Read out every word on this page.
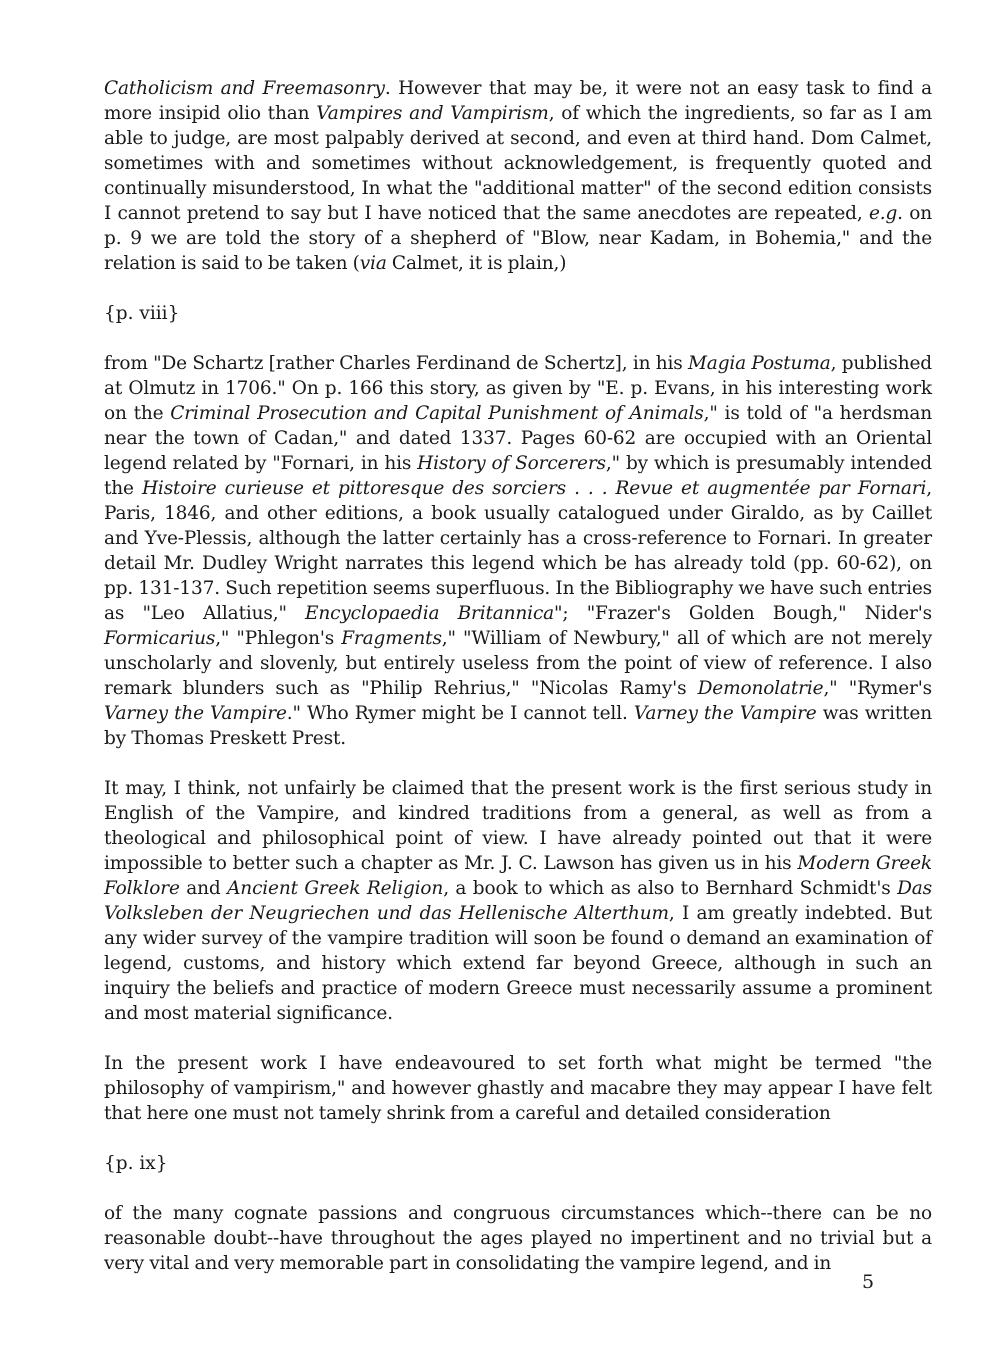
Catholicism and Freemasonry. However that may be, it were not an easy task to find a more insipid olio than Vampires and Vampirism, of which the ingredients, so far as I am able to judge, are most palpably derived at second, and even at third hand. Dom Calmet, sometimes with and sometimes without acknowledgement, is frequently quoted and continually misunderstood, In what the "additional matter" of the second edition consists I cannot pretend to say but I have noticed that the same anecdotes are repeated, e.g. on p. 9 we are told the story of a shepherd of "Blow, near Kadam, in Bohemia," and the relation is said to be taken (via Calmet, it is plain,)

{p. viii}

from "De Schartz [rather Charles Ferdinand de Schertz], in his Magia Postuma, published at Olmutz in 1706." On p. 166 this story, as given by "E. p. Evans, in his interesting work on the Criminal Prosecution and Capital Punishment of Animals," is told of "a herdsman near the town of Cadan," and dated 1337. Pages 60-62 are occupied with an Oriental legend related by "Fornari, in his History of Sorcerers," by which is presumably intended the Histoire curieuse et pittoresque des sorciers . . . Revue et augmentée par Fornari, Paris, 1846, and other editions, a book usually catalogued under Giraldo, as by Caillet and Yve-Plessis, although the latter certainly has a cross-reference to Fornari. In greater detail Mr. Dudley Wright narrates this legend which be has already told (pp. 60-62), on pp. 131-137. Such repetition seems superfluous. In the Bibliography we have such entries as "Leo Allatius," Encyclopaedia Britannica"; "Frazer's Golden Bough," Nider's Formicarius," "Phlegon's Fragments," "William of Newbury," all of which are not merely unscholarly and slovenly, but entirely useless from the point of view of reference. I also remark blunders such as "Philip Rehrius," "Nicolas Ramy's Demonolatrie," "Rymer's Varney the Vampire." Who Rymer might be I cannot tell. Varney the Vampire was written by Thomas Preskett Prest.

It may, I think, not unfairly be claimed that the present work is the first serious study in English of the Vampire, and kindred traditions from a general, as well as from a theological and philosophical point of view. I have already pointed out that it were impossible to better such a chapter as Mr. J. C. Lawson has given us in his Modern Greek Folklore and Ancient Greek Religion, a book to which as also to Bernhard Schmidt's Das Volksleben der Neugriechen und das Hellenische Alterthum, I am greatly indebted. But any wider survey of the vampire tradition will soon be found o demand an examination of legend, customs, and history which extend far beyond Greece, although in such an inquiry the beliefs and practice of modern Greece must necessarily assume a prominent and most material significance.

In the present work I have endeavoured to set forth what might be termed "the philosophy of vampirism," and however ghastly and macabre they may appear I have felt that here one must not tamely shrink from a careful and detailed consideration

{p. ix}

of the many cognate passions and congruous circumstances which--there can be no reasonable doubt--have throughout the ages played no impertinent and no trivial but a very vital and very memorable part in consolidating the vampire legend, and in

5
